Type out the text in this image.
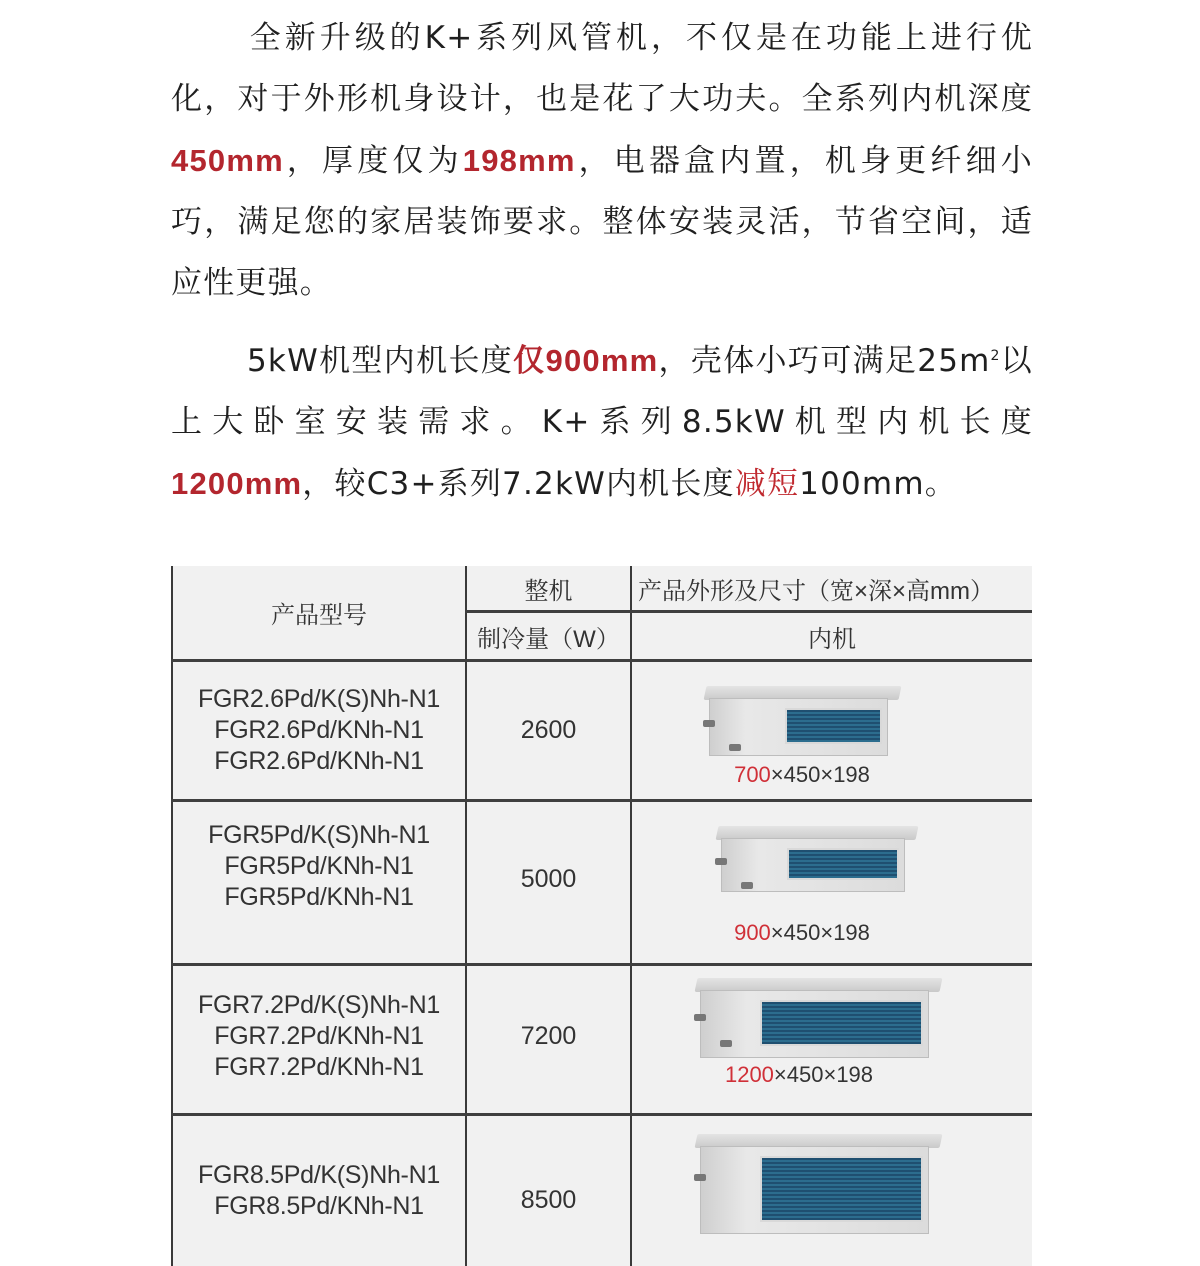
全新升级的K+系列风管机，不仅是在功能上进行优化，对于外形机身设计，也是花了大功夫。全系列内机深度450mm，厚度仅为198mm，电器盒内置，机身更纤细小巧，满足您的家居装饰要求。整体安装灵活，节省空间，适应性更强。
5kW机型内机长度仅900mm，壳体小巧可满足$25m^2$以上大卧室安装需求。K+系列8.5kW机型内机长度1200mm，较C3+系列7.2kW内机长度减短100mm。
产品型号
整机
制冷量（W）
产品外形及尺寸（宽×深×高mm）
内机
FGR2.6Pd/K(S)Nh-N1
FGR2.6Pd/KNh-N1
FGR2.6Pd/KNh-N1
2600
700×450×198
FGR5Pd/K(S)Nh-N1
FGR5Pd/KNh-N1
FGR5Pd/KNh-N1
5000
900×450×198
FGR7.2Pd/K(S)Nh-N1
FGR7.2Pd/KNh-N1
FGR7.2Pd/KNh-N1
7200
1200×450×198
FGR8.5Pd/K(S)Nh-N1
FGR8.5Pd/KNh-N1	8500
